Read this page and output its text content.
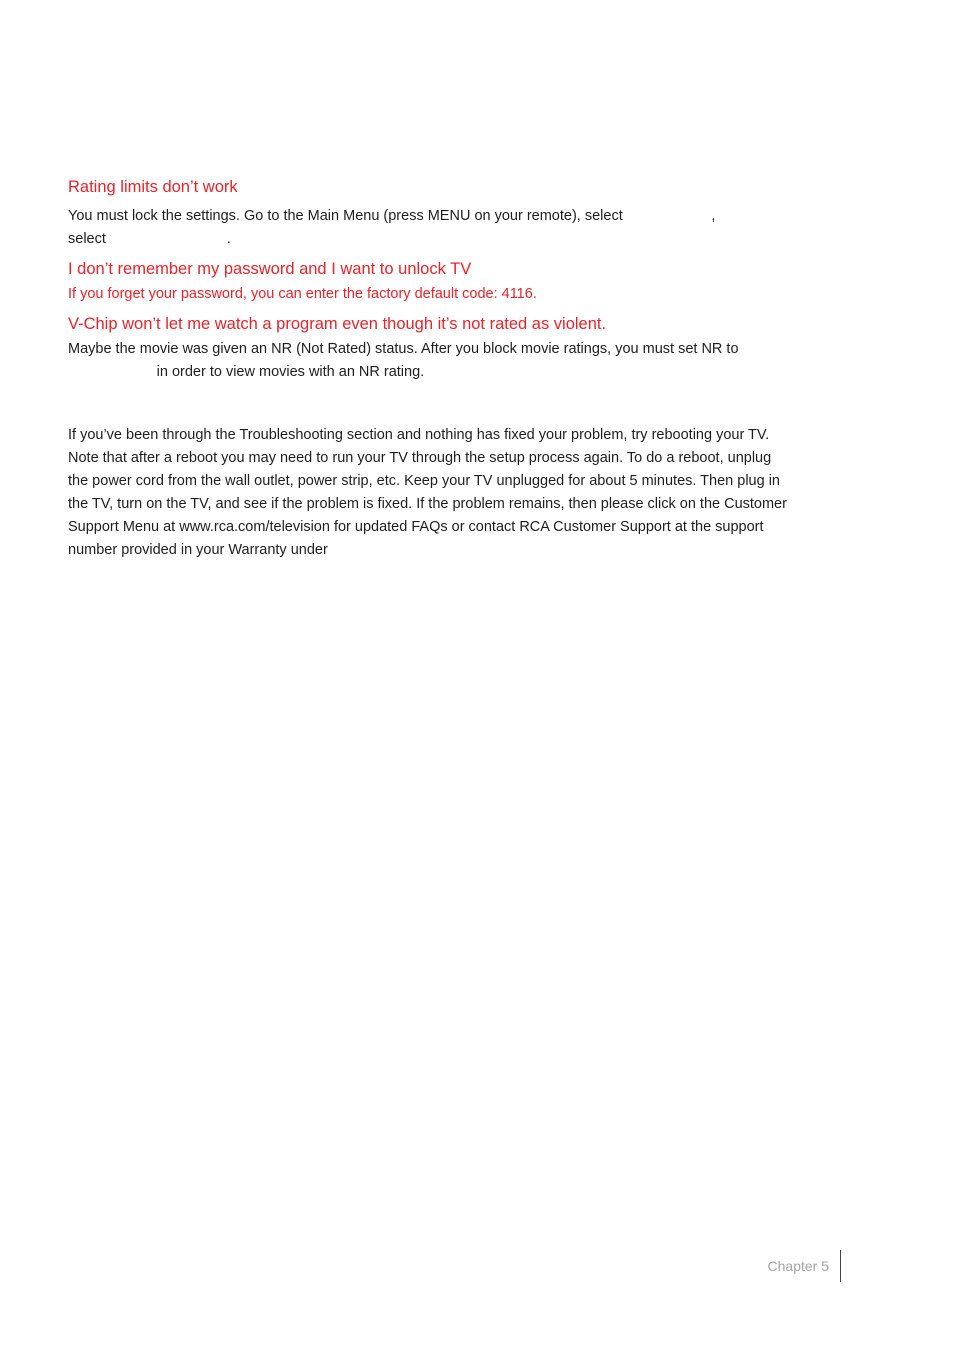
Rating limits don’t work

You must lock the settings. Go to the Main Menu (press MENU on your remote), select                      ,

select                              .

I don’t remember my password and I want to unlock TV

If you forget your password, you can enter the factory default code: 4116.

V-Chip won’t let me watch a program even though it’s not rated as violent.

Maybe the movie was given an NR (Not Rated) status. After you block movie ratings, you must set NR to

in order to view movies with an NR rating.

If you’ve been through the Troubleshooting section and nothing has fixed your problem, try rebooting your TV. Note that after a reboot you may need to run your TV through the setup process again. To do a reboot, unplug the power cord from the wall outlet, power strip, etc. Keep your TV unplugged for about 5 minutes. Then plug in the TV, turn on the TV, and see if the problem is fixed. If the problem remains, then please click on the Customer Support Menu at www.rca.com/television for updated FAQs or contact RCA Customer Support at the support number provided in your Warranty under

Chapter 5
